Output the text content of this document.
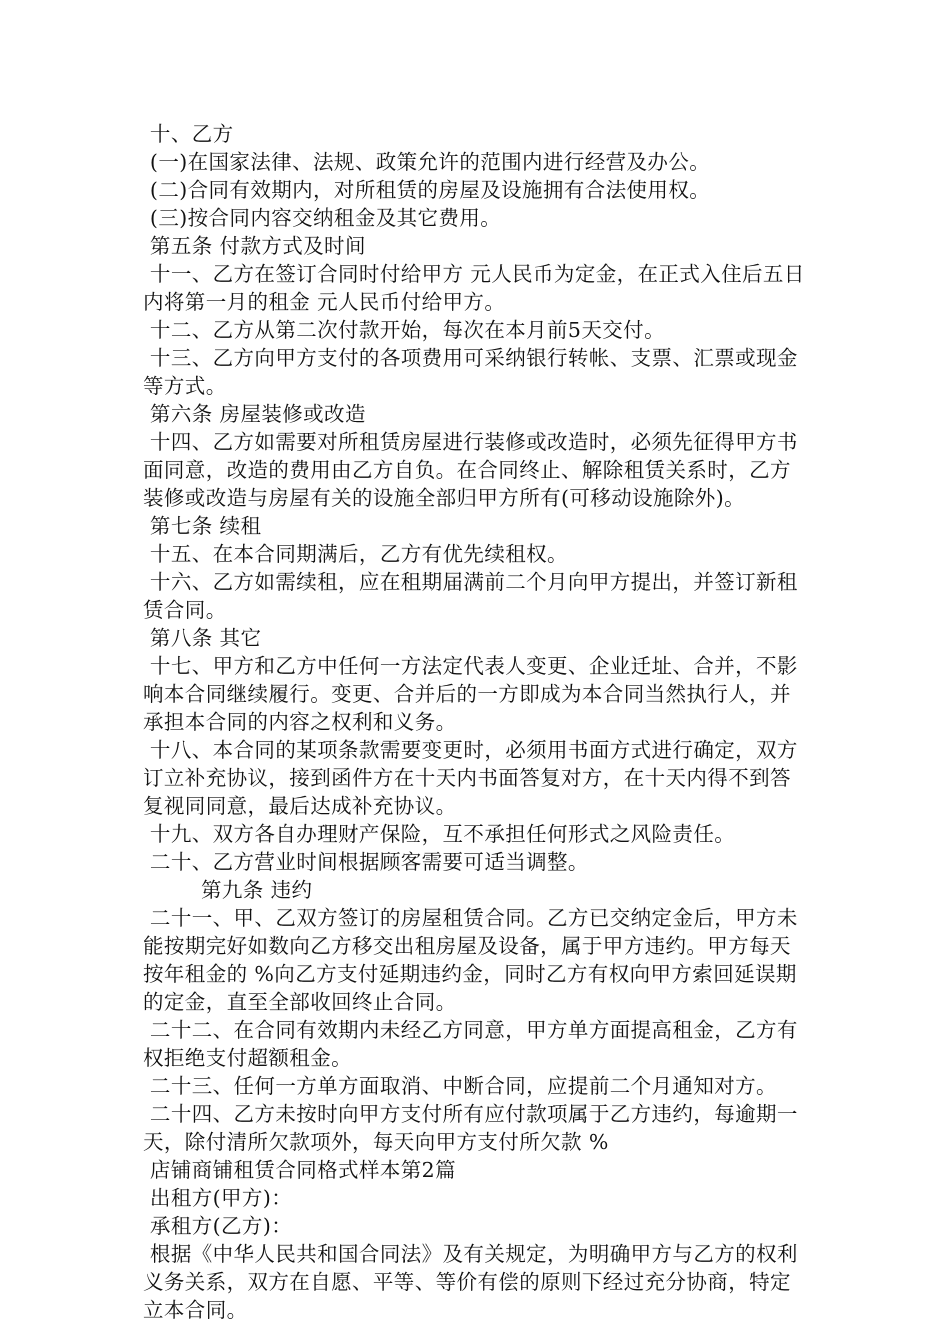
十、乙方

(一)在国家法律、法规、政策允许的范围内进行经营及办公。

(二)合同有效期内，对所租赁的房屋及设施拥有合法使用权。

(三)按合同内容交纳租金及其它费用。

第五条 付款方式及时间

十一、乙方在签订合同时付给甲方 元人民币为定金，在正式入住后五日内将第一月的租金 元人民币付给甲方。

十二、乙方从第二次付款开始，每次在本月前5天交付。

十三、乙方向甲方支付的各项费用可采纳银行转帐、支票、汇票或现金等方式。

第六条 房屋装修或改造

十四、乙方如需要对所租赁房屋进行装修或改造时，必须先征得甲方书面同意，改造的费用由乙方自负。在合同终止、解除租赁关系时，乙方装修或改造与房屋有关的设施全部归甲方所有(可移动设施除外)。

第七条 续租

十五、在本合同期满后，乙方有优先续租权。

十六、乙方如需续租，应在租期届满前二个月向甲方提出，并签订新租赁合同。

第八条 其它

十七、甲方和乙方中任何一方法定代表人变更、企业迁址、合并，不影响本合同继续履行。变更、合并后的一方即成为本合同当然执行人，并承担本合同的内容之权利和义务。

十八、本合同的某项条款需要变更时，必须用书面方式进行确定，双方订立补充协议，接到函件方在十天内书面答复对方，在十天内得不到答复视同同意，最后达成补充协议。

十九、双方各自办理财产保险，互不承担任何形式之风险责任。

二十、乙方营业时间根据顾客需要可适当调整。

第九条 违约

二十一、甲、乙双方签订的房屋租赁合同。乙方已交纳定金后，甲方未能按期完好如数向乙方移交出租房屋及设备，属于甲方违约。甲方每天按年租金的 %向乙方支付延期违约金，同时乙方有权向甲方索回延误期的定金，直至全部收回终止合同。

二十二、在合同有效期内未经乙方同意，甲方单方面提高租金，乙方有权拒绝支付超额租金。

二十三、任何一方单方面取消、中断合同，应提前二个月通知对方。

二十四、乙方未按时向甲方支付所有应付款项属于乙方违约，每逾期一天，除付清所欠款项外，每天向甲方支付所欠款 %

店铺商铺租赁合同格式样本第2篇

出租方(甲方)：

承租方(乙方)：

根据《中华人民共和国合同法》及有关规定，为明确甲方与乙方的权利义务关系，双方在自愿、平等、等价有偿的原则下经过充分协商，特定立本合同。
